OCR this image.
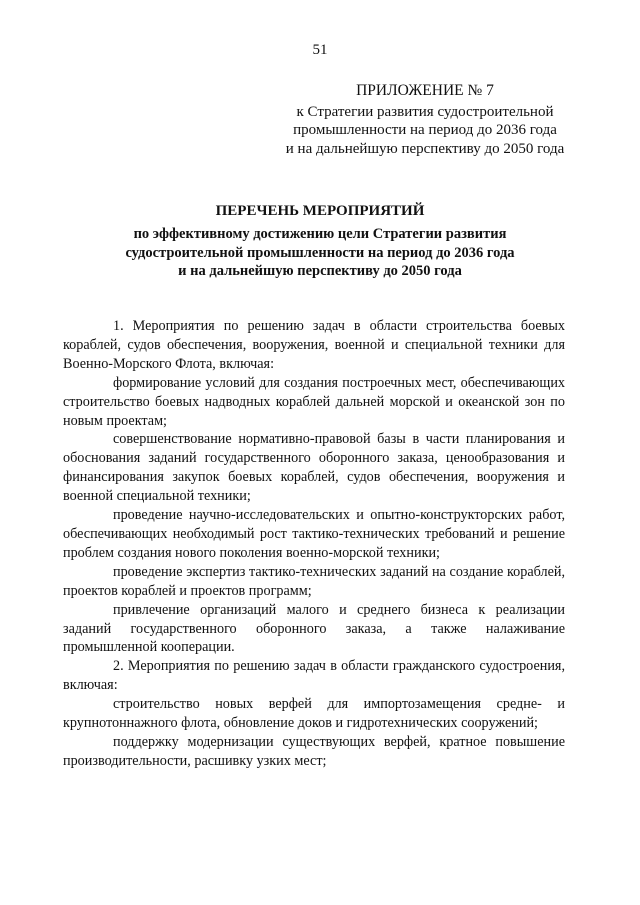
51
ПРИЛОЖЕНИЕ № 7
к Стратегии развития судостроительной
промышленности на период до 2036 года
и на дальнейшую перспективу до 2050 года
ПЕРЕЧЕНЬ МЕРОПРИЯТИЙ
по эффективному достижению цели Стратегии развития
судостроительной промышленности на период до 2036 года
и на дальнейшую перспективу до 2050 года

1. Мероприятия по решению задач в области строительства боевых кораблей, судов обеспечения, вооружения, военной и специальной техники для Военно-Морского Флота, включая:

формирование условий для создания построечных мест, обеспечивающих строительство боевых надводных кораблей дальней морской и океанской зон по новым проектам;

совершенствование нормативно-правовой базы в части планирования и обоснования заданий государственного оборонного заказа, ценообразования и финансирования закупок боевых кораблей, судов обеспечения, вооружения и военной специальной техники;

проведение научно-исследовательских и опытно-конструкторских работ, обеспечивающих необходимый рост тактико-технических требований и решение проблем создания нового поколения военно-морской техники;

проведение экспертиз тактико-технических заданий на создание кораблей, проектов кораблей и проектов программ;

привлечение организаций малого и среднего бизнеса к реализации заданий государственного оборонного заказа, а также налаживание промышленной кооперации.

2. Мероприятия по решению задач в области гражданского судостроения, включая:

строительство новых верфей для импортозамещения средне- и крупнотоннажного флота, обновление доков и гидротехнических сооружений;

поддержку модернизации существующих верфей, кратное повышение производительности, расшивку узких мест;
